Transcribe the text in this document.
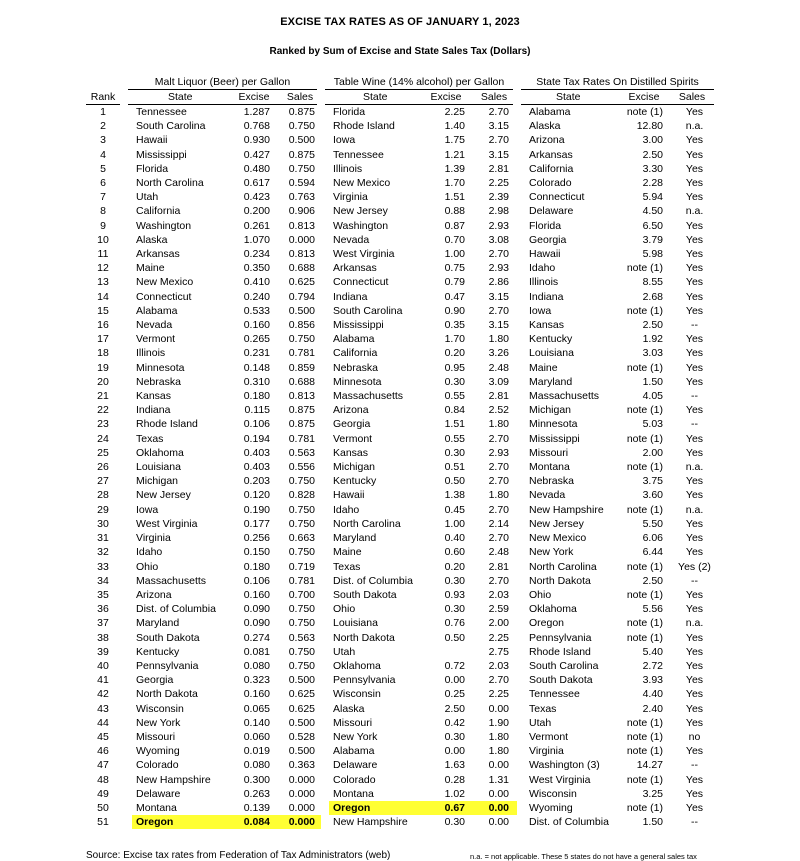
EXCISE TAX RATES AS OF JANUARY 1, 2023
Ranked by Sum of Excise and State Sales Tax (Dollars)
Malt Liquor (Beer) per Gallon	Table Wine (14% alcohol) per Gallon	State Tax Rates On Distilled Spirits
Rank	State	Excise	Sales	State	Excise	Sales	State	Excise	Sales
	1		Tennessee	1.287	0.875		Florida	2.25	2.70		Alabama	note (1)	Yes
	2		South Carolina	0.768	0.750		Rhode Island	1.40	3.15		Alaska	12.80	n.a.
	3		Hawaii	0.930	0.500		Iowa	1.75	2.70		Arizona	3.00	Yes
	4		Mississippi	0.427	0.875		Tennessee	1.21	3.15		Arkansas	2.50	Yes
	5		Florida	0.480	0.750		Illinois	1.39	2.81		California	3.30	Yes
	6		North Carolina	0.617	0.594		New Mexico	1.70	2.25		Colorado	2.28	Yes
	7		Utah	0.423	0.763		Virginia	1.51	2.39		Connecticut	5.94	Yes
	8		California	0.200	0.906		New Jersey	0.88	2.98		Delaware	4.50	n.a.
	9		Washington	0.261	0.813		Washington	0.87	2.93		Florida	6.50	Yes
	10		Alaska	1.070	0.000		Nevada	0.70	3.08		Georgia	3.79	Yes
	11		Arkansas	0.234	0.813		West Virginia	1.00	2.70		Hawaii	5.98	Yes
	12		Maine	0.350	0.688		Arkansas	0.75	2.93		Idaho	note (1)	Yes
	13		New Mexico	0.410	0.625		Connecticut	0.79	2.86		Illinois	8.55	Yes
	14		Connecticut	0.240	0.794		Indiana	0.47	3.15		Indiana	2.68	Yes
	15		Alabama	0.533	0.500		South Carolina	0.90	2.70		Iowa	note (1)	Yes
	16		Nevada	0.160	0.856		Mississippi	0.35	3.15		Kansas	2.50	--
	17		Vermont	0.265	0.750		Alabama	1.70	1.80		Kentucky	1.92	Yes
	18		Illinois	0.231	0.781		California	0.20	3.26		Louisiana	3.03	Yes
	19		Minnesota	0.148	0.859		Nebraska	0.95	2.48		Maine	note (1)	Yes
	20		Nebraska	0.310	0.688		Minnesota	0.30	3.09		Maryland	1.50	Yes
	21		Kansas	0.180	0.813		Massachusetts	0.55	2.81		Massachusetts	4.05	--
	22		Indiana	0.115	0.875		Arizona	0.84	2.52		Michigan	note (1)	Yes
	23		Rhode Island	0.106	0.875		Georgia	1.51	1.80		Minnesota	5.03	--
	24		Texas	0.194	0.781		Vermont	0.55	2.70		Mississippi	note (1)	Yes
	25		Oklahoma	0.403	0.563		Kansas	0.30	2.93		Missouri	2.00	Yes
	26		Louisiana	0.403	0.556		Michigan	0.51	2.70		Montana	note (1)	n.a.
	27		Michigan	0.203	0.750		Kentucky	0.50	2.70		Nebraska	3.75	Yes
	28		New Jersey	0.120	0.828		Hawaii	1.38	1.80		Nevada	3.60	Yes
	29		Iowa	0.190	0.750		Idaho	0.45	2.70		New Hampshire	note (1)	n.a.
	30		West Virginia	0.177	0.750		North Carolina	1.00	2.14		New Jersey	5.50	Yes
	31		Virginia	0.256	0.663		Maryland	0.40	2.70		New Mexico	6.06	Yes
	32		Idaho	0.150	0.750		Maine	0.60	2.48		New York	6.44	Yes
	33		Ohio	0.180	0.719		Texas	0.20	2.81		North Carolina	note (1)	Yes (2)
	34		Massachusetts	0.106	0.781		Dist. of Columbia	0.30	2.70		North Dakota	2.50	--
	35		Arizona	0.160	0.700		South Dakota	0.93	2.03		Ohio	note (1)	Yes
	36		Dist. of Columbia	0.090	0.750		Ohio	0.30	2.59		Oklahoma	5.56	Yes
	37		Maryland	0.090	0.750		Louisiana	0.76	2.00		Oregon	note (1)	n.a.
	38		South Dakota	0.274	0.563		North Dakota	0.50	2.25		Pennsylvania	note (1)	Yes
	39		Kentucky	0.081	0.750		Utah		2.75		Rhode Island	5.40	Yes
	40		Pennsylvania	0.080	0.750		Oklahoma	0.72	2.03		South Carolina	2.72	Yes
	41		Georgia	0.323	0.500		Pennsylvania	0.00	2.70		South Dakota	3.93	Yes
	42		North Dakota	0.160	0.625		Wisconsin	0.25	2.25		Tennessee	4.40	Yes
	43		Wisconsin	0.065	0.625		Alaska	2.50	0.00		Texas	2.40	Yes
	44		New York	0.140	0.500		Missouri	0.42	1.90		Utah	note (1)	Yes
	45		Missouri	0.060	0.528		New York	0.30	1.80		Vermont	note (1)	no
	46		Wyoming	0.019	0.500		Alabama	0.00	1.80		Virginia	note (1)	Yes
	47		Colorado	0.080	0.363		Delaware	1.63	0.00		Washington (3)	14.27	--
	48		New Hampshire	0.300	0.000		Colorado	0.28	1.31		West Virginia	note (1)	Yes
	49		Delaware	0.263	0.000		Montana	1.02	0.00		Wisconsin	3.25	Yes
	50		Montana	0.139	0.000		Oregon	0.67	0.00		Wyoming	note (1)	Yes
	51		Oregon	0.084	0.000		New Hampshire	0.30	0.00		Dist. of Columbia	1.50	--
Source: Excise tax rates from Federation of Tax Administrators (web)	n.a. = not applicable. These 5 states do not have a general sales tax
